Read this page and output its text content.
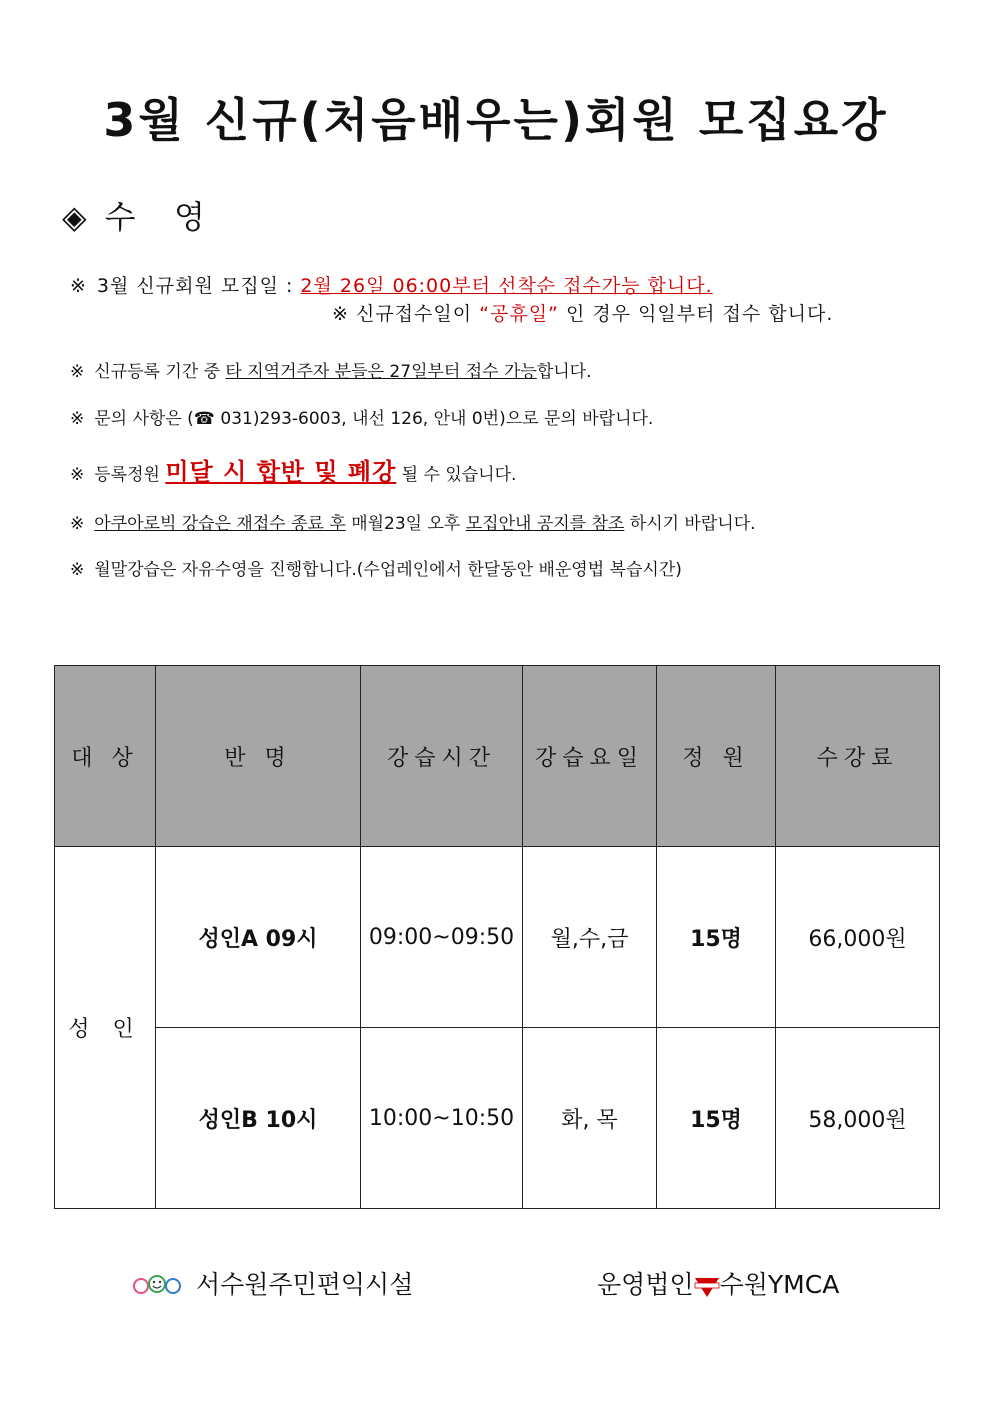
3월 신규(처음배우는)회원 모집요강
◈ 수   영
※ 3월 신규회원 모집일 : 2월 26일 06:00부터 선착순 접수가능 합니다.
※ 신규접수일이 “공휴일” 인 경우 익일부터 접수 합니다.
※ 신규등록 기간 중 타 지역거주자 분들은 27일부터 접수 가능합니다.
※ 문의 사항은 (☎ 031)293-6003, 내선 126, 안내 0번)으로 문의 바랍니다.
※ 등록정원 미달 시 합반 및 폐강 될 수 있습니다.
※ 아쿠아로빅 강습은 재접수 종료 후 매월23일 오후 모집안내 공지를 참조 하시기 바랍니다.
※ 월말강습은 자유수영을 진행합니다.(수업레인에서 한달동안 배운영법 복습시간)
대 상	반 명	강습시간	강습요일	정 원	수강료
성 인	성인A 09시	09:00~09:50	월,수,금	15명	66,000원
	성인B 10시	10:00~10:50	화, 목	15명	58,000원
서수원주민편익시설	운영법인 수원YMCA
